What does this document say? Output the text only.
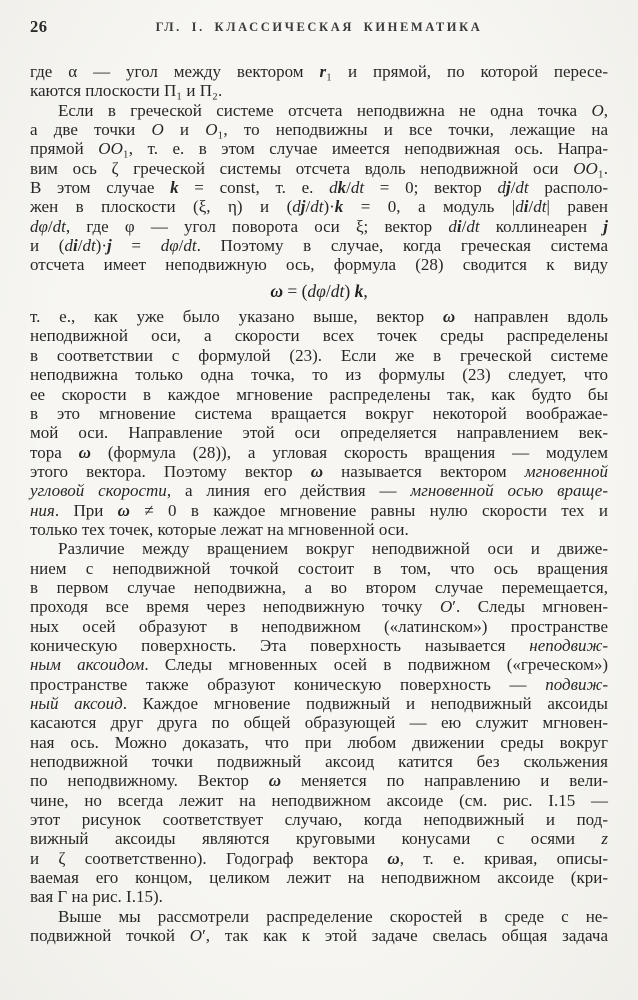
26	ГЛ. I. КЛАССИЧЕСКАЯ КИНЕМАТИКА
где α — угол между вектором r₁ и прямой, по которой пересе-
каются плоскости П₁ и П₂.
Если в греческой системе отсчета неподвижна не одна точка O,
а две точки O и O₁, то неподвижны и все точки, лежащие на
прямой OO₁, т. е. в этом случае имеется неподвижная ось. Напра-
вим ось ζ греческой системы отсчета вдоль неподвижной оси OO₁.
В этом случае k = const, т. е. dk/dt = 0; вектор dj/dt располо-
жен в плоскости (ξ, η) и (dj/dt)·k = 0, а модуль |di/dt| равен
dφ/dt, где φ — угол поворота оси ξ; вектор di/dt коллинеарен j
и (di/dt)·j = dφ/dt. Поэтому в случае, когда греческая система
отсчета имеет неподвижную ось, формула (28) сводится к виду
ω = (dφ/dt) k,
т. е., как уже было указано выше, вектор ω направлен вдоль
неподвижной оси, а скорости всех точек среды распределены
в соответствии с формулой (23). Если же в греческой системе
неподвижна только одна точка, то из формулы (23) следует, что
ее скорости в каждое мгновение распределены так, как будто бы
в это мгновение система вращается вокруг некоторой воображае-
мой оси. Направление этой оси определяется направлением век-
тора ω (формула (28)), а угловая скорость вращения — модулем
этого вектора. Поэтому вектор ω называется вектором мгновенной
угловой скорости, а линия его действия — мгновенной осью враще-
ния. При ω ≠ 0 в каждое мгновение равны нулю скорости тех и
только тех точек, которые лежат на мгновенной оси.
Различие между вращением вокруг неподвижной оси и движе-
нием с неподвижной точкой состоит в том, что ось вращения
в первом случае неподвижна, а во втором случае перемещается,
проходя все время через неподвижную точку O′. Следы мгновен-
ных осей образуют в неподвижном («латинском») пространстве
коническую поверхность. Эта поверхность называется неподвиж-
ным аксоидом. Следы мгновенных осей в подвижном («греческом»)
пространстве также образуют коническую поверхность — подвиж-
ный аксоид. Каждое мгновение подвижный и неподвижный аксоиды
касаются друг друга по общей образующей — ею служит мгновен-
ная ось. Можно доказать, что при любом движении среды вокруг
неподвижной точки подвижный аксоид катится без скольжения
по неподвижному. Вектор ω меняется по направлению и вели-
чине, но всегда лежит на неподвижном аксоиде (см. рис. I.15 —
этот рисунок соответствует случаю, когда неподвижный и под-
вижный аксоиды являются круговыми конусами с осями z
и ζ соответственно). Годограф вектора ω, т. е. кривая, описы-
ваемая его концом, целиком лежит на неподвижном аксоиде (кри-
вая Г на рис. I.15).
Выше мы рассмотрели распределение скоростей в среде с не-
подвижной точкой O′, так как к этой задаче свелась общая задача
